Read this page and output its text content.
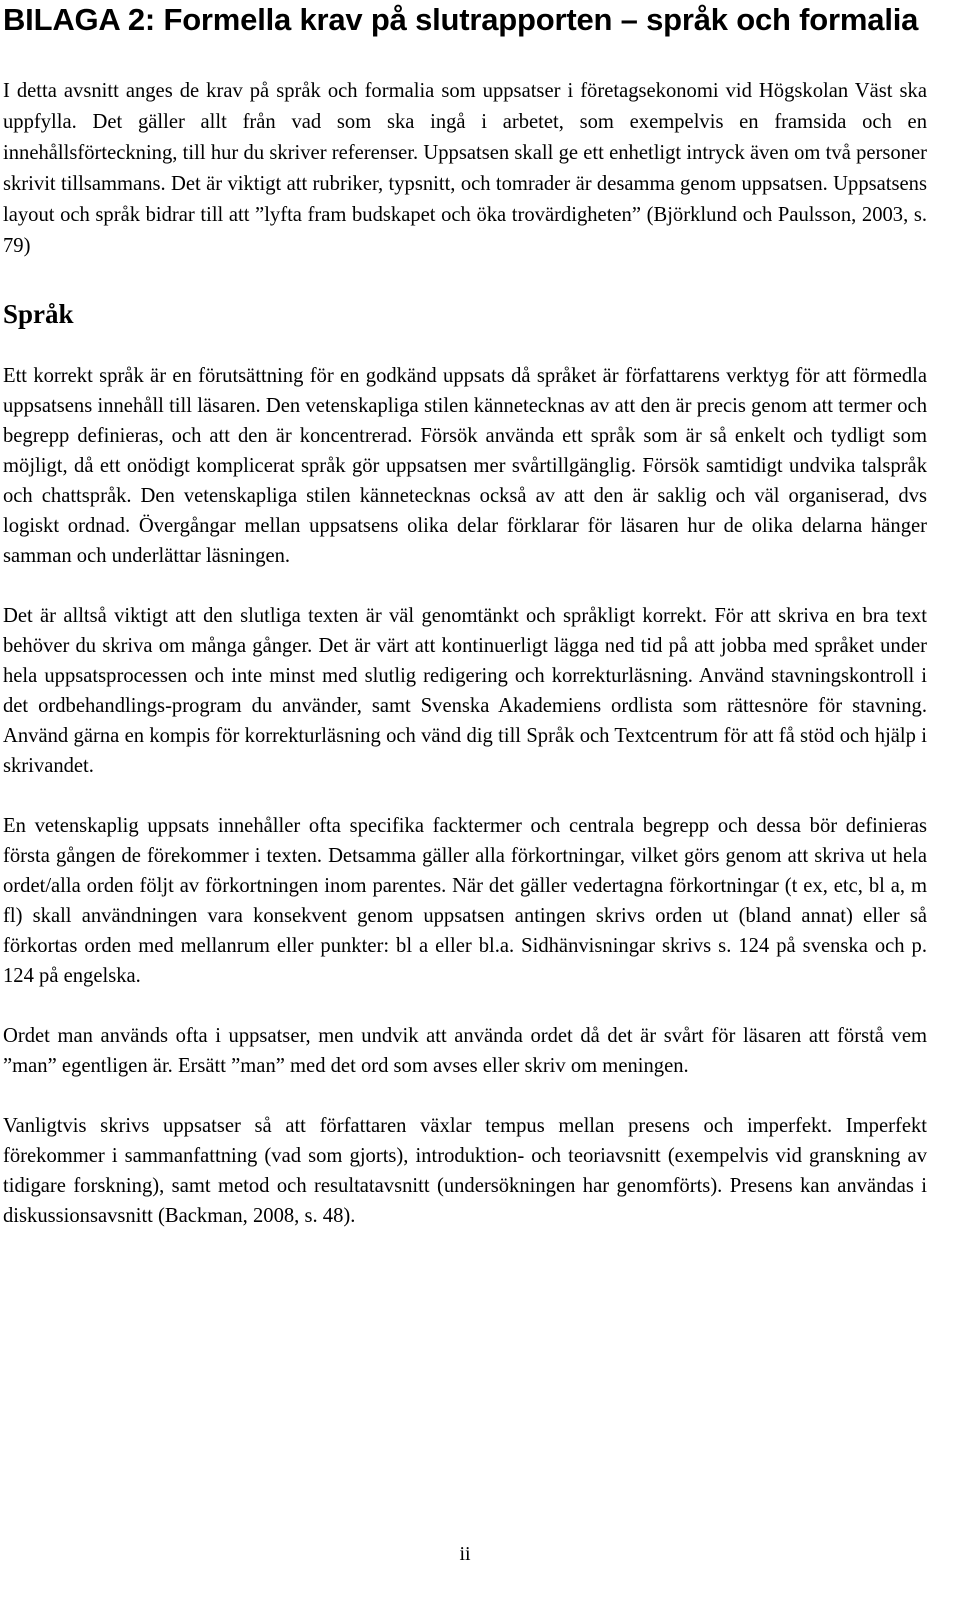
BILAGA 2: Formella krav på slutrapporten – språk och formalia

I detta avsnitt anges de krav på språk och formalia som uppsatser i företagsekonomi vid Högskolan Väst ska uppfylla. Det gäller allt från vad som ska ingå i arbetet, som exempelvis en framsida och en innehållsförteckning, till hur du skriver referenser. Uppsatsen skall ge ett enhetligt intryck även om två personer skrivit tillsammans. Det är viktigt att rubriker, typsnitt, och tomrader är desamma genom uppsatsen. Uppsatsens layout och språk bidrar till att ”lyfta fram budskapet och öka trovärdigheten” (Björklund och Paulsson, 2003, s. 79)

Språk

Ett korrekt språk är en förutsättning för en godkänd uppsats då språket är författarens verktyg för att förmedla uppsatsens innehåll till läsaren. Den vetenskapliga stilen kännetecknas av att den är precis genom att termer och begrepp definieras, och att den är koncentrerad. Försök använda ett språk som är så enkelt och tydligt som möjligt, då ett onödigt komplicerat språk gör uppsatsen mer svårtillgänglig. Försök samtidigt undvika talspråk och chattspråk. Den vetenskapliga stilen kännetecknas också av att den är saklig och väl organiserad, dvs logiskt ordnad. Övergångar mellan uppsatsens olika delar förklarar för läsaren hur de olika delarna hänger samman och underlättar läsningen.

Det är alltså viktigt att den slutliga texten är väl genomtänkt och språkligt korrekt. För att skriva en bra text behöver du skriva om många gånger. Det är värt att kontinuerligt lägga ned tid på att jobba med språket under hela uppsatsprocessen och inte minst med slutlig redigering och korrekturläsning. Använd stavningskontroll i det ordbehandlings-program du använder, samt Svenska Akademiens ordlista som rättesnöre för stavning. Använd gärna en kompis för korrekturläsning och vänd dig till Språk och Textcentrum för att få stöd och hjälp i skrivandet.

En vetenskaplig uppsats innehåller ofta specifika facktermer och centrala begrepp och dessa bör definieras första gången de förekommer i texten. Detsamma gäller alla förkortningar, vilket görs genom att skriva ut hela ordet/alla orden följt av förkortningen inom parentes. När det gäller vedertagna förkortningar (t ex, etc, bl a, m fl) skall användningen vara konsekvent genom uppsatsen antingen skrivs orden ut (bland annat) eller så förkortas orden med mellanrum eller punkter: bl a eller bl.a. Sidhänvisningar skrivs s. 124 på svenska och p. 124 på engelska.

Ordet man används ofta i uppsatser, men undvik att använda ordet då det är svårt för läsaren att förstå vem ”man” egentligen är. Ersätt ”man” med det ord som avses eller skriv om meningen.

Vanligtvis skrivs uppsatser så att författaren växlar tempus mellan presens och imperfekt. Imperfekt förekommer i sammanfattning (vad som gjorts), introduktion- och teoriavsnitt (exempelvis vid granskning av tidigare forskning), samt metod och resultatavsnitt (undersökningen har genomförts). Presens kan användas i diskussionsavsnitt (Backman, 2008, s. 48).

ii
